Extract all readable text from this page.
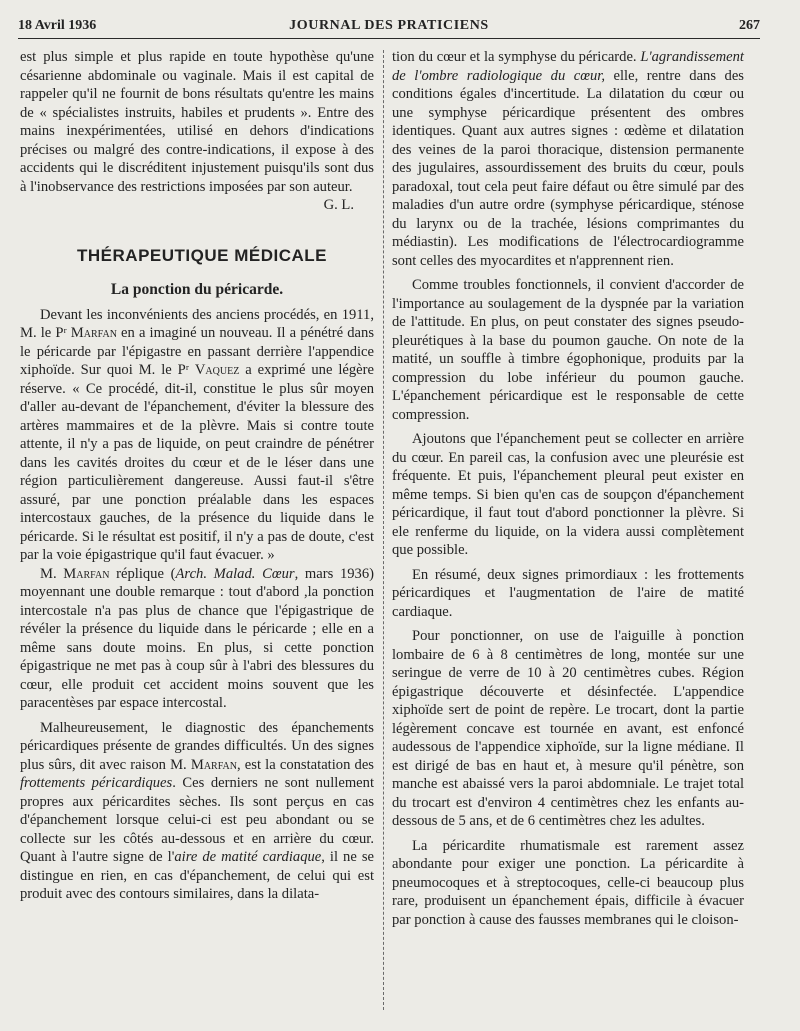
18 Avril 1936	JOURNAL DES PRATICIENS	267

est plus simple et plus rapide en toute hypothèse qu'une césarienne abdominale ou vaginale. Mais il est capital de rappeler qu'il ne fournit de bons résultats qu'entre les mains de « spécialistes instruits, habiles et prudents ». Entre des mains inexpérimentées, utilisé en dehors d'indications précises ou malgré des contre-indications, il expose à des accidents qui le discréditent injustement puisqu'ils sont dus à l'inobservance des restrictions imposées par son auteur.

G. L.
THÉRAPEUTIQUE MÉDICALE
La ponction du péricarde.

Devant les inconvénients des anciens procédés, en 1911, M. le Pʳ Marfan en a imaginé un nouveau. Il a pénétré dans le péricarde par l'épigastre en passant derrière l'appendice xiphoïde. Sur quoi M. le Pʳ Vaquez a exprimé une légère réserve. « Ce procédé, dit-il, constitue le plus sûr moyen d'aller au-devant de l'épanchement, d'éviter la blessure des artères mammaires et de la plèvre. Mais si contre toute attente, il n'y a pas de liquide, on peut craindre de pénétrer dans les cavités droites du cœur et de le léser dans une région particulièrement dangereuse. Aussi faut-il s'être assuré, par une ponction préalable dans les espaces intercostaux gauches, de la présence du liquide dans le péricarde. Si le résultat est positif, il n'y a pas de doute, c'est par la voie épigastrique qu'il faut évacuer. »

M. Marfan réplique (Arch. Malad. Cœur, mars 1936) moyennant une double remarque : tout d'abord ,la ponction intercostale n'a pas plus de chance que l'épigastrique de révéler la présence du liquide dans le péricarde ; elle en a même sans doute moins. En plus, si cette ponction épigastrique ne met pas à coup sûr à l'abri des blessures du cœur, elle produit cet accident moins souvent que les paracentèses par espace intercostal.

Malheureusement, le diagnostic des épanchements péricardiques présente de grandes difficultés. Un des signes plus sûrs, dit avec raison M. Marfan, est la constatation des frottements péricardiques. Ces derniers ne sont nullement propres aux péricardites sèches. Ils sont perçus en cas d'épanchement lorsque celui-ci est peu abondant ou se collecte sur les côtés au-dessous et en arrière du cœur. Quant à l'autre signe de l'aire de matité cardiaque, il ne se distingue en rien, en cas d'épanchement, de celui qui est produit avec des contours similaires, dans la dilata-

tion du cœur et la symphyse du péricarde. L'agrandissement de l'ombre radiologique du cœur, elle, rentre dans des conditions égales d'incertitude. La dilatation du cœur ou une symphyse péricardique présentent des ombres identiques. Quant aux autres signes : œdème et dilatation des veines de la paroi thoracique, distension permanente des jugulaires, assourdissement des bruits du cœur, pouls paradoxal, tout cela peut faire défaut ou être simulé par des maladies d'un autre ordre (symphyse péricardique, sténose du larynx ou de la trachée, lésions comprimantes du médiastin). Les modifications de l'électrocardiogramme sont celles des myocardites et n'apprennent rien.

Comme troubles fonctionnels, il convient d'accorder de l'importance au soulagement de la dyspnée par la variation de l'attitude. En plus, on peut constater des signes pseudo-pleurétiques à la base du poumon gauche. On note de la matité, un souffle à timbre égophonique, produits par la compression du lobe inférieur du poumon gauche. L'épanchement péricardique est le responsable de cette compression.

Ajoutons que l'épanchement peut se collecter en arrière du cœur. En pareil cas, la confusion avec une pleurésie est fréquente. Et puis, l'épanchement pleural peut exister en même temps. Si bien qu'en cas de soupçon d'épanchement péricardique, il faut tout d'abord ponctionner la plèvre. Si ele renferme du liquide, on la videra aussi complètement que possible.

En résumé, deux signes primordiaux : les frottements péricardiques et l'augmentation de l'aire de matité cardiaque.

Pour ponctionner, on use de l'aiguille à ponction lombaire de 6 à 8 centimètres de long, montée sur une seringue de verre de 10 à 20 centimètres cubes. Région épigastrique découverte et désinfectée. L'appendice xiphoïde sert de point de repère. Le trocart, dont la partie légèrement concave est tournée en avant, est enfoncé audessous de l'appendice xiphoïde, sur la ligne médiane. Il est dirigé de bas en haut et, à mesure qu'il pénètre, son manche est abaissé vers la paroi abdomniale. Le trajet total du trocart est d'environ 4 centimètres chez les enfants au-dessous de 5 ans, et de 6 centimètres chez les adultes.

La péricardite rhumatismale est rarement assez abondante pour exiger une ponction. La péricardite à pneumocoques et à streptocoques, celle-ci beaucoup plus rare, produisent un épanchement épais, difficile à évacuer par ponction à cause des fausses membranes qui le cloison-
